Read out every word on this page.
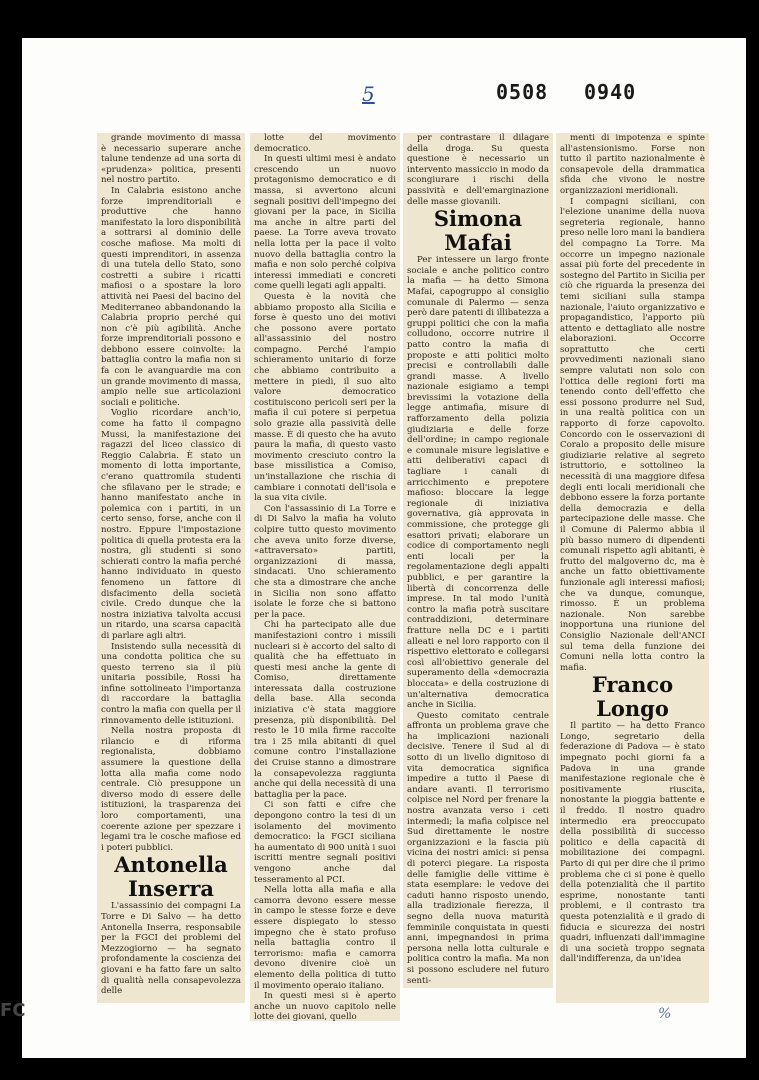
5	0508 0940

grande movimento di massa è necessario superare anche talune tendenze ad una sorta di «prudenza» politica, presenti nel nostro partito.

In Calabria esistono anche forze imprenditoriali e produttive che hanno manifestato la loro disponibilità a sottrarsi al dominio delle cosche mafiose. Ma molti di questi imprenditori, in assenza di una tutela dello Stato, sono costretti a subire i ricatti mafiosi o a spostare la loro attività nei Paesi del bacino del Mediterraneo abbandonando la Calabria proprio perché qui non c'è più agibilità. Anche forze imprenditoriali possono e debbono essere coinvolte: la battaglia contro la mafia non si fa con le avanguardie ma con un grande movimento di massa, ampio nelle sue articolazioni sociali e politiche.

Voglio ricordare anch'io, come ha fatto il compagno Mussi, la manifestazione dei ragazzi del liceo classico di Reggio Calabria. È stato un momento di lotta importante, c'erano quattromila studenti che sfilavano per le strade; e hanno manifestato anche in polemica con i partiti, in un certo senso, forse, anche con il nostro. Eppure l'impostazione politica di quella protesta era la nostra, gli studenti si sono schierati contro la mafia perché hanno individuato in questo fenomeno un fattore di disfacimento della società civile. Credo dunque che la nostra iniziativa talvolta accusi un ritardo, una scarsa capacità di parlare agli altri.

Insistendo sulla necessità di una condotta politica che su questo terreno sia il più unitaria possibile, Rossi ha infine sottolineato l'importanza di raccordare la battaglia contro la mafia con quella per il rinnovamento delle istituzioni.

Nella nostra proposta di rilancio e di riforma regionalista, dobbiamo assumere la questione della lotta alla mafia come nodo centrale. Ciò presuppone un diverso modo di essere delle istituzioni, la trasparenza dei loro comportamenti, una coerente azione per spezzare i legami tra le cosche mafiose ed i poteri pubblici.

Antonella Inserra

L'assassinio dei compagni La Torre e Di Salvo — ha detto Antonella Inserra, responsabile per la FGCI dei problemi del Mezzogiorno — ha segnato profondamente la coscienza dei giovani e ha fatto fare un salto di qualità nella consapevolezza delle

lotte del movimento democratico.

In questi ultimi mesi è andato crescendo un nuovo protagonismo democratico e di massa, si avvertono alcuni segnali positivi dell'impegno dei giovani per la pace, in Sicilia ma anche in altre parti del paese. La Torre aveva trovato nella lotta per la pace il volto nuovo della battaglia contro la mafia e non solo perché colpiva interessi immediati e concreti come quelli legati agli appalti.

Questa è la novità che abbiamo proposto alla Sicilia e forse è questo uno dei motivi che possono avere portato all'assassinio del nostro compagno. Perché l'ampio schieramento unitario di forze che abbiamo contribuito a mettere in piedi, il suo alto valore democratico costituiscono pericoli seri per la mafia il cui potere si perpetua solo grazie alla passività delle masse. È di questo che ha avuto paura la mafia, di questo vasto movimento cresciuto contro la base missilistica a Comiso, un'installazione che rischia di cambiare i connotati dell'isola e la sua vita civile.

Con l'assassinio di La Torre e di Di Salvo la mafia ha voluto colpire tutto questo movimento che aveva unito forze diverse, «attraversato» partiti, organizzazioni di massa, sindacati. Uno schieramento che sta a dimostrare che anche in Sicilia non sono affatto isolate le forze che si battono per la pace.

Chi ha partecipato alle due manifestazioni contro i missili nucleari si è accorto del salto di qualità che ha effettuato in questi mesi anche la gente di Comiso, direttamente interessata dalla costruzione della base. Alla seconda iniziativa c'è stata maggiore presenza, più disponibilità. Del resto le 10 mila firme raccolte tra i 25 mila abitanti di quel comune contro l'installazione dei Cruise stanno a dimostrare la consapevolezza raggiunta anche qui della necessità di una battaglia per la pace.

Ci son fatti e cifre che depongono contro la tesi di un isolamento del movimento democratico: la FGCI siciliana ha aumentato di 900 unità i suoi iscritti mentre segnali positivi vengono anche dal tesseramento al PCI.

Nella lotta alla mafia e alla camorra devono essere messe in campo le stesse forze e deve essere dispiegato lo stesso impegno che è stato profuso nella battaglia contro il terrorismo: mafia e camorra devono divenire cioè un elemento della politica di tutto il movimento operaio italiano.

In questi mesi si è aperto anche un nuovo capitolo nelle lotte dei giovani, quello

per contrastare il dilagare della droga. Su questa questione è necessario un intervento massiccio in modo da scongiurare i rischi della passività e dell'emarginazione delle masse giovanili.

Simona Mafai

Per intessere un largo fronte sociale e anche politico contro la mafia — ha detto Simona Mafai, capogruppo al consiglio comunale di Palermo — senza però dare patenti di illibatezza a gruppi politici che con la mafia colludono, occorre nutrire il patto contro la mafia di proposte e atti politici molto precisi e controllabili dalle grandi masse. A livello nazionale esigiamo a tempi brevissimi la votazione della legge antimafia, misure di rafforzamento della polizia giudiziaria e delle forze dell'ordine; in campo regionale e comunale misure legislative e atti deliberativi capaci di tagliare i canali di arricchimento e prepotere mafioso: bloccare la legge regionale di iniziativa governativa, già approvata in commissione, che protegge gli esattori privati; elaborare un codice di comportamento negli enti locali per la regolamentazione degli appalti pubblici, e per garantire la libertà di concorrenza delle imprese. In tal modo l'unità contro la mafia potrà suscitare contraddizioni, determinare fratture nella DC e i partiti alleati e nel loro rapporto con il rispettivo elettorato e collegarsi così all'obiettivo generale del superamento della «democrazia bloccata» e della costruzione di un'alternativa democratica anche in Sicilia.

Questo comitato centrale affronta un problema grave che ha implicazioni nazionali decisive. Tenere il Sud al di sotto di un livello dignitoso di vita democratica significa impedire a tutto il Paese di andare avanti. Il terrorismo colpisce nel Nord per frenare la nostra avanzata verso i ceti intermedi; la mafia colpisce nel Sud direttamente le nostre organizzazioni e la fascia più vicina dei nostri amici: si pensa di poterci piegare. La risposta delle famiglie delle vittime è stata esemplare: le vedove dei caduti hanno risposto unendo, alla tradizionale fierezza, il segno della nuova maturità femminile conquistata in questi anni, impegnandosi in prima persona nella lotta culturale e politica contro la mafia. Ma non si possono escludere nel futuro senti-

menti di impotenza e spinte all'astensionismo. Forse non tutto il partito nazionalmente è consapevole della drammatica sfida che vivono le nostre organizzazioni meridionali.

I compagni siciliani, con l'elezione unanime della nuova segreteria regionale, hanno preso nelle loro mani la bandiera del compagno La Torre. Ma occorre un impegno nazionale assai più forte del precedente in sostegno del Partito in Sicilia per ciò che riguarda la presenza dei temi siciliani sulla stampa nazionale, l'aiuto organizzativo e propagandistico, l'apporto più attento e dettagliato alle nostre elaborazioni. Occorre soprattutto che certi provvedimenti nazionali siano sempre valutati non solo con l'ottica delle regioni forti ma tenendo conto dell'effetto che essi possono produrre nel Sud, in una realtà politica con un rapporto di forze capovolto. Concordo con le osservazioni di Coralo a proposito delle misure giudiziarie relative al segreto istruttorio, e sottolineo la necessità di una maggiore difesa degli enti locali meridionali che debbono essere la forza portante della democrazia e della partecipazione delle masse. Che il Comune di Palermo abbia il più basso numero di dipendenti comunali rispetto agli abitanti, è frutto del malgoverno dc, ma è anche un fatto obiettivamente funzionale agli interessi mafiosi; che va dunque, comunque, rimosso. È un problema nazionale. Non sarebbe inopportuna una riunione del Consiglio Nazionale dell'ANCI sul tema della funzione dei Comuni nella lotta contro la mafia.

Franco Longo

Il partito — ha detto Franco Longo, segretario della federazione di Padova — è stato impegnato pochi giorni fa a Padova in una grande manifestazione regionale che è positivamente riuscita, nonostante la pioggia battente e il freddo. Il nostro quadro intermedio era preoccupato della possibilità di successo politico e della capacità di mobilitazione dei compagni. Parto di qui per dire che il primo problema che ci si pone è quello della potenzialità che il partito esprime, nonostante tanti problemi, e il contrasto tra questa potenzialità e il grado di fiducia e sicurezza dei nostri quadri, influenzati dall'immagine di una società troppo segnata dall'indifferenza, da un'idea

%
FC
